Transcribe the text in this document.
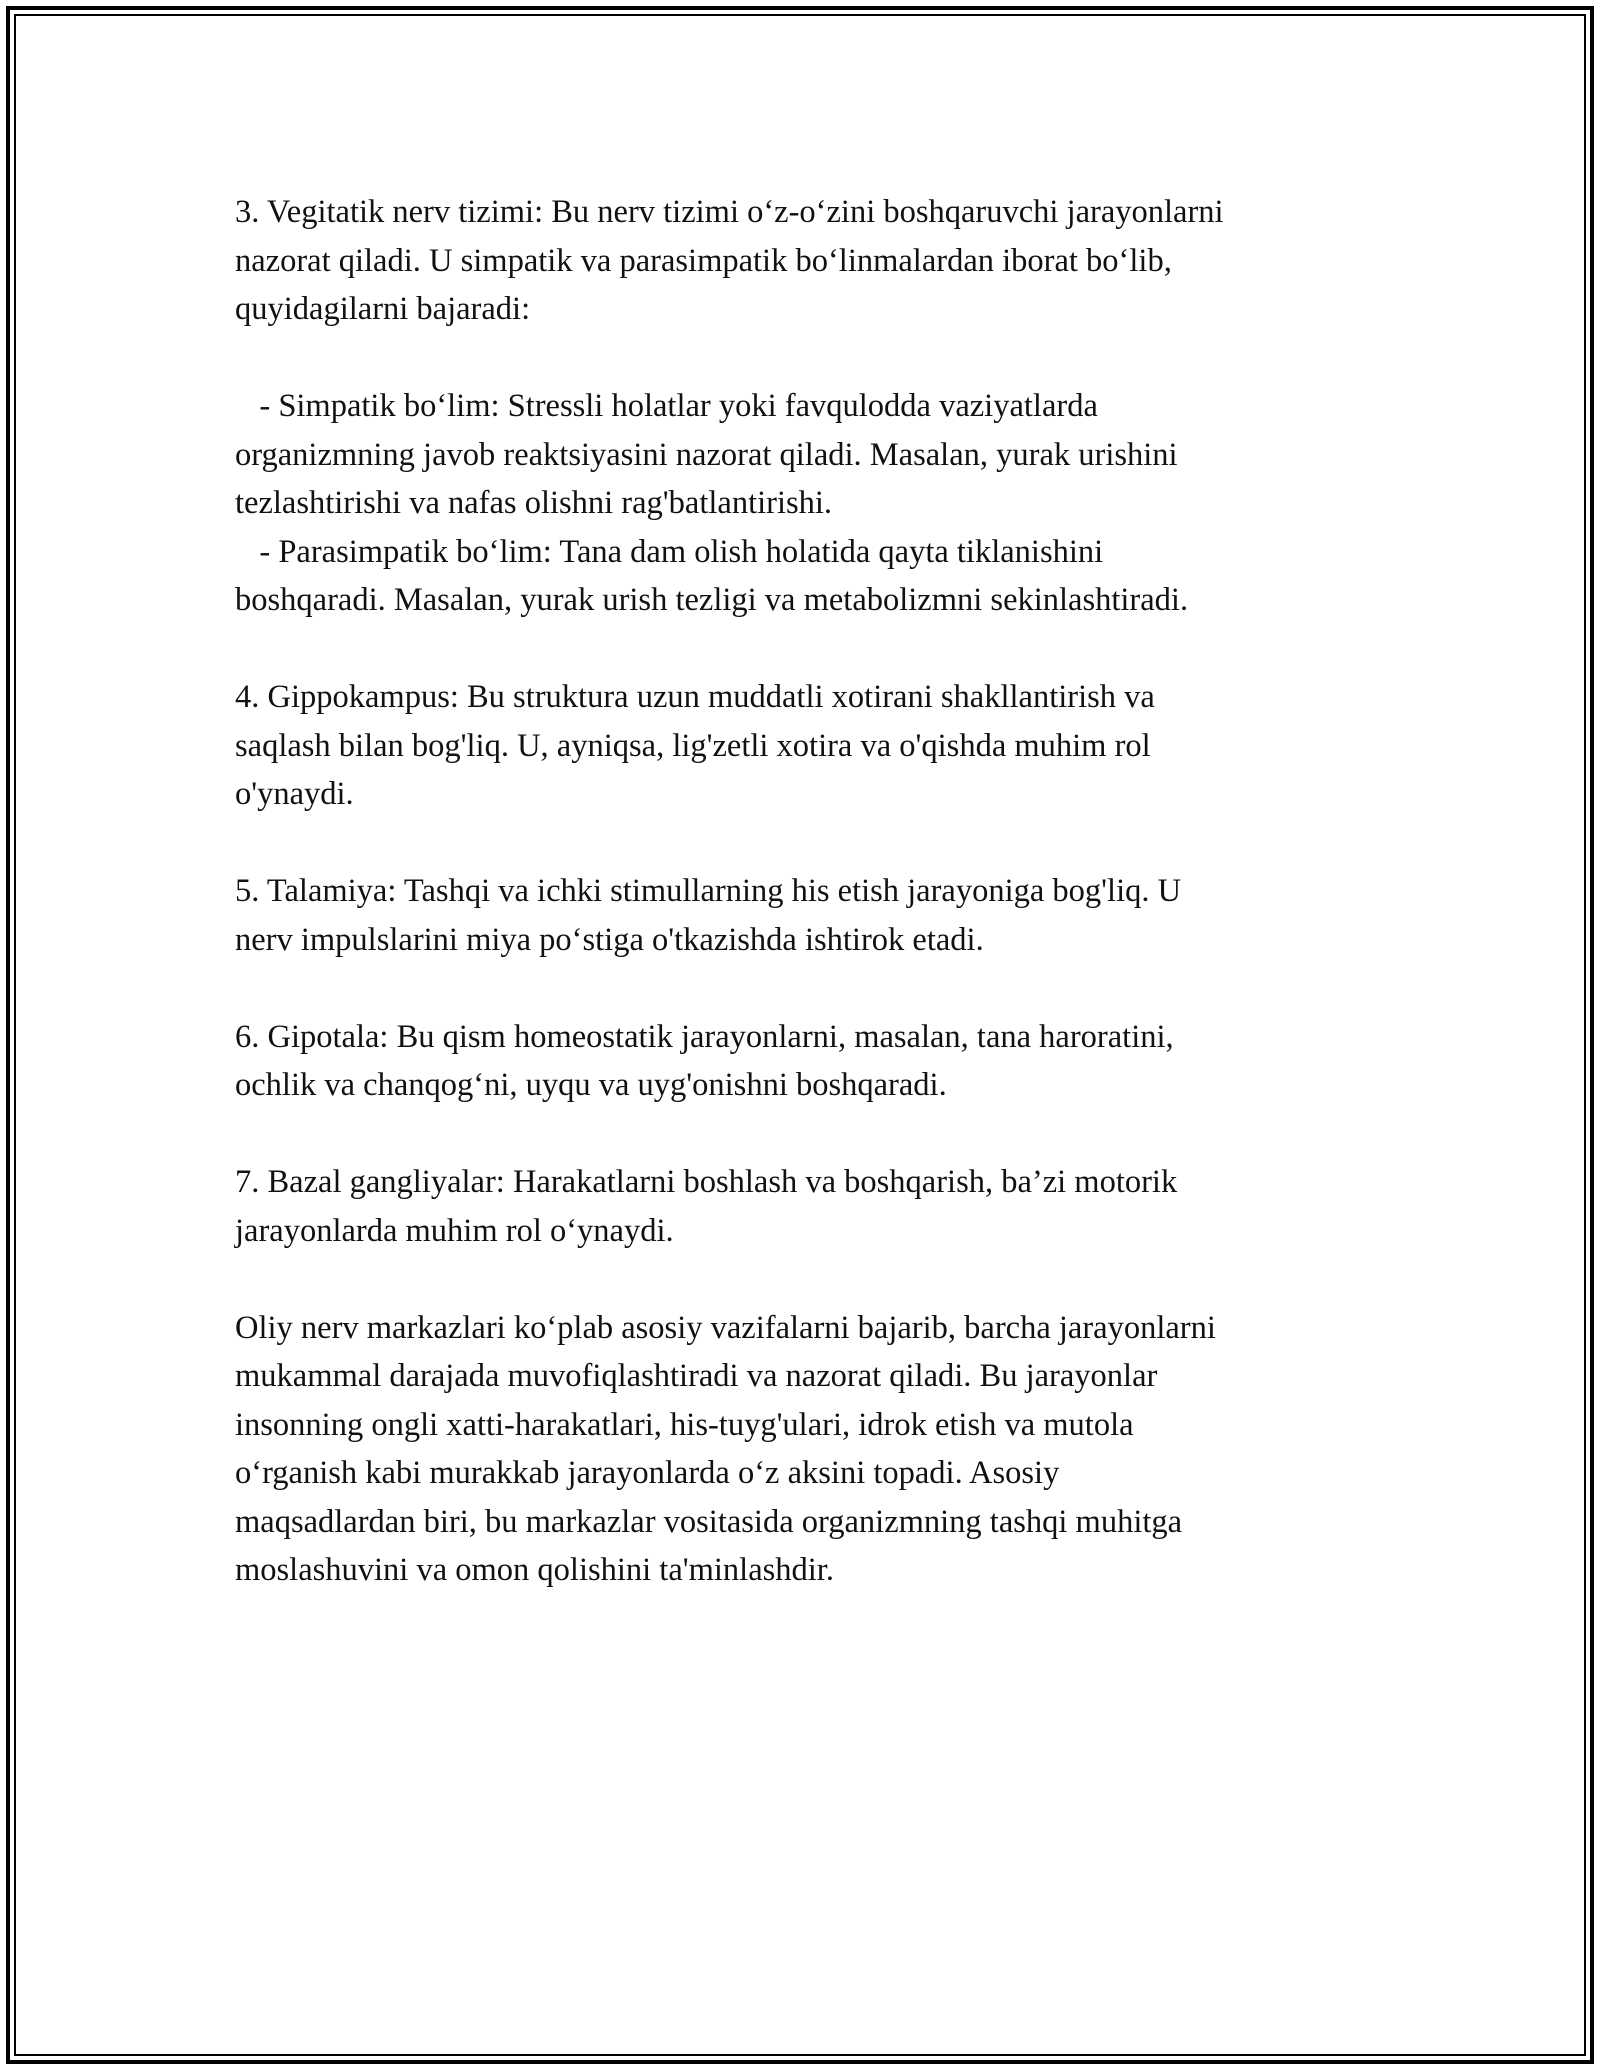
3. Vegitatik nerv tizimi: Bu nerv tizimi o‘z-o‘zini boshqaruvchi jarayonlarni
nazorat qiladi. U simpatik va parasimpatik bo‘linmalardan iborat bo‘lib,
quyidagilarni bajaradi:
- Simpatik bo‘lim: Stressli holatlar yoki favqulodda vaziyatlarda
organizmning javob reaktsiyasini nazorat qiladi. Masalan, yurak urishini
tezlashtirishi va nafas olishni rag'batlantirishi.
- Parasimpatik bo‘lim: Tana dam olish holatida qayta tiklanishini
boshqaradi. Masalan, yurak urish tezligi va metabolizmni sekinlashtiradi.
4. Gippokampus: Bu struktura uzun muddatli xotirani shakllantirish va
saqlash bilan bog'liq. U, ayniqsa, lig'zetli xotira va o'qishda muhim rol
o'ynaydi.
5. Talamiya: Tashqi va ichki stimullarning his etish jarayoniga bog'liq. U
nerv impulslarini miya po‘stiga o'tkazishda ishtirok etadi.
6. Gipotala: Bu qism homeostatik jarayonlarni, masalan, tana haroratini,
ochlik va chanqog‘ni, uyqu va uyg'onishni boshqaradi.
7. Bazal gangliyalar: Harakatlarni boshlash va boshqarish, ba’zi motorik
jarayonlarda muhim rol o‘ynaydi.
Oliy nerv markazlari ko‘plab asosiy vazifalarni bajarib, barcha jarayonlarni
mukammal darajada muvofiqlashtiradi va nazorat qiladi. Bu jarayonlar
insonning ongli xatti-harakatlari, his-tuyg'ulari, idrok etish va mutola
o‘rganish kabi murakkab jarayonlarda o‘z aksini topadi. Asosiy
maqsadlardan biri, bu markazlar vositasida organizmning tashqi muhitga
moslashuvini va omon qolishini ta'minlashdir.
